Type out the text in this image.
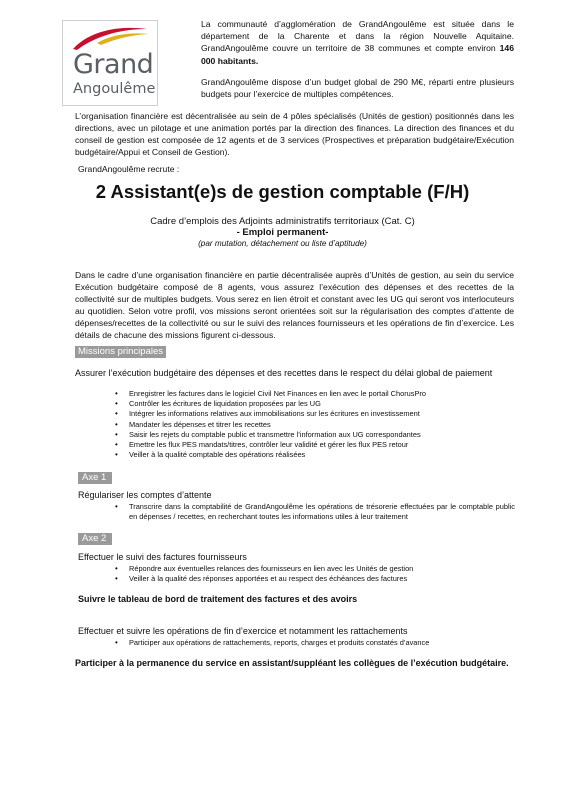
Grand
Angoulême

La communauté d’agglomération de GrandAngoulême est située dans le département de la Charente et dans la région Nouvelle Aquitaine. GrandAngoulême couvre un territoire de 38 communes et compte environ 146 000 habitants.

GrandAngoulême dispose d’un budget global de 290 M€, réparti entre plusieurs budgets pour l’exercice de multiples compétences.

L’organisation financière est décentralisée au sein de 4 pôles spécialisés (Unités de gestion) positionnés dans les directions, avec un pilotage et une animation portés par la direction des finances. La direction des finances et du conseil de gestion est composée de 12 agents et de 3 services (Prospectives et préparation budgétaire/Exécution budgétaire/Appui et Conseil de Gestion).
GrandAngoulême recrute :
2 Assistant(e)s de gestion comptable (F/H)
Cadre d’emplois des Adjoints administratifs territoriaux (Cat. C)
- Emploi permanent-
(par mutation, détachement ou liste d’aptitude)
Dans le cadre d’une organisation financière en partie décentralisée auprès d’Unités de gestion, au sein du service Exécution budgétaire composé de 8 agents, vous assurez l’exécution des dépenses et des recettes de la collectivité sur de multiples budgets. Vous serez en lien étroit et constant avec les UG qui seront vos interlocuteurs au quotidien. Selon votre profil, vos missions seront orientées soit sur la régularisation des comptes d’attente de dépenses/recettes de la collectivité ou sur le suivi des relances fournisseurs et les opérations de fin d’exercice. Les détails de chacune des missions figurent ci-dessous.
Missions principales
Assurer l’exécution budgétaire des dépenses et des recettes dans le respect du délai global de paiement
• Enregistrer les factures dans le logiciel Civil Net Finances en lien avec le portail ChorusPro
• Contrôler les écritures de liquidation proposées par les UG
• Intégrer les informations relatives aux immobilisations sur les écritures en investissement
• Mandater les dépenses et titrer les recettes
• Saisir les rejets du comptable public et transmettre l’information aux UG correspondantes
• Emettre les flux PES mandats/titres, contrôler leur validité et gérer les flux PES retour
• Veiller à la qualité comptable des opérations réalisées
Axe 1
Régulariser les comptes d’attente
• Transcrire dans la comptabilité de GrandAngoulême les opérations de trésorerie effectuées par le comptable public en dépenses / recettes, en recherchant toutes les informations utiles à leur traitement
Axe 2
Effectuer le suivi des factures fournisseurs
• Répondre aux éventuelles relances des fournisseurs en lien avec les Unités de gestion
• Veiller à la qualité des réponses apportées et au respect des échéances des factures
Suivre le tableau de bord de traitement des factures et des avoirs
Effectuer et suivre les opérations de fin d’exercice et notamment les rattachements
• Participer aux opérations de rattachements, reports, charges et produits constatés d’avance
Participer à la permanence du service en assistant/suppléant les collègues de l’exécution budgétaire.
